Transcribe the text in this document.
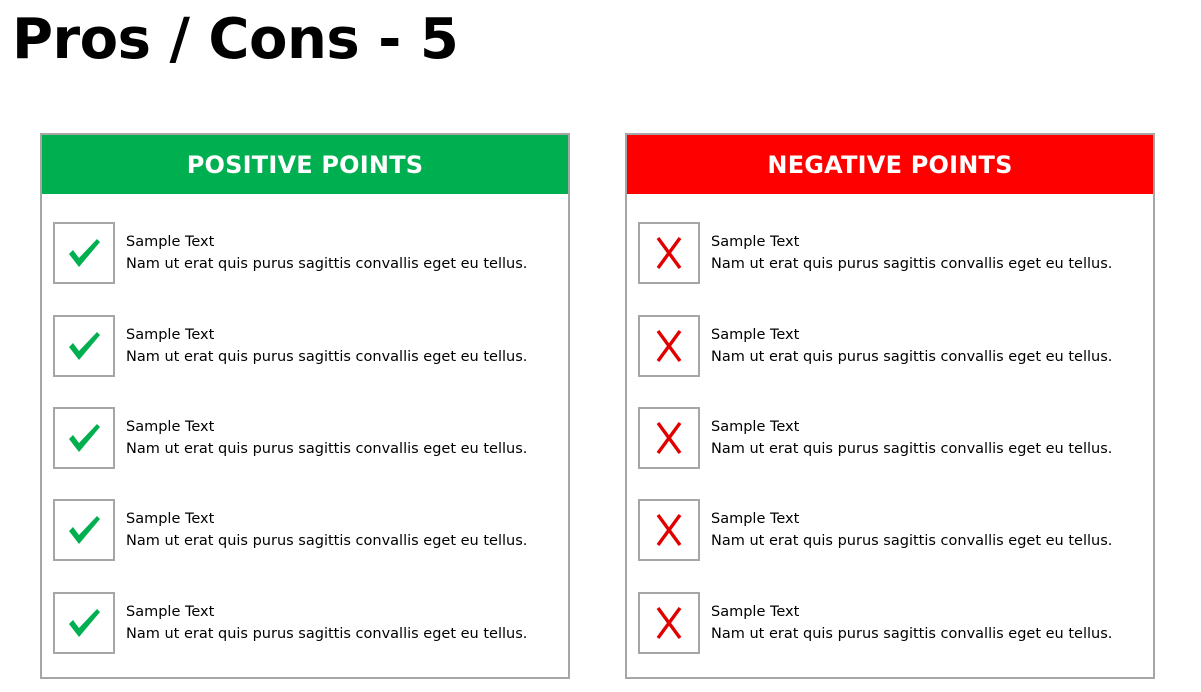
Pros / Cons - 5
POSITIVE POINTS
Sample Text
Nam ut erat quis purus sagittis convallis eget eu tellus.
Sample Text
Nam ut erat quis purus sagittis convallis eget eu tellus.
Sample Text
Nam ut erat quis purus sagittis convallis eget eu tellus.
Sample Text
Nam ut erat quis purus sagittis convallis eget eu tellus.
Sample Text
Nam ut erat quis purus sagittis convallis eget eu tellus.
NEGATIVE POINTS
Sample Text
Nam ut erat quis purus sagittis convallis eget eu tellus.
Sample Text
Nam ut erat quis purus sagittis convallis eget eu tellus.
Sample Text
Nam ut erat quis purus sagittis convallis eget eu tellus.
Sample Text
Nam ut erat quis purus sagittis convallis eget eu tellus.
Sample Text
Nam ut erat quis purus sagittis convallis eget eu tellus.
